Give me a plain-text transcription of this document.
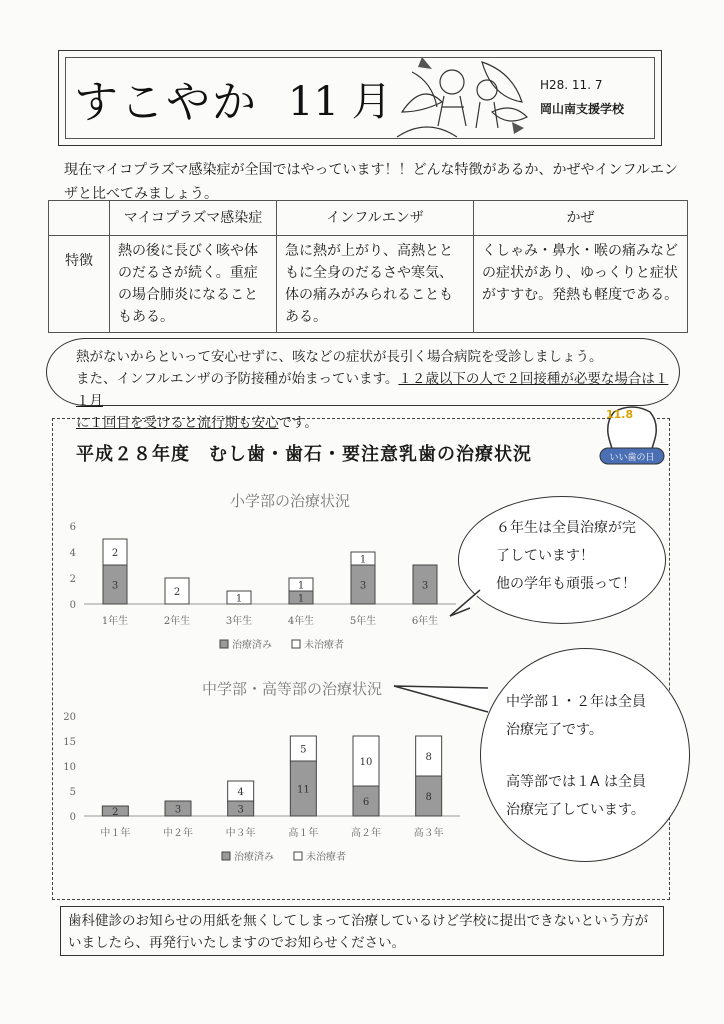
すこやか 11 月	H28. 11. 7
岡山南支援学校
現在マイコプラズマ感染症が全国ではやっています！！どんな特徴があるか、かぜやインフルエンザと比べてみましょう。
	マイコプラズマ感染症	インフルエンザ	かぜ
特徴	熱の後に長びく咳や体のだるさが続く。重症の場合肺炎になることもある。	急に熱が上がり、高熱とともに全身のだるさや寒気、体の痛みがみられることもある。	くしゃみ・鼻水・喉の痛みなどの症状があり、ゆっくりと症状がすすむ。発熱も軽度である。
熱がないからといって安心せずに、咳などの症状が長引く場合病院を受診しましょう。
また、インフルエンザの予防接種が始まっています。１２歳以下の人で２回接種が必要な場合は１１月
に１回目を受けると流行期も安心です。
平成２８年度　むし歯・歯石・要注意乳歯の治療状況	いい歯の日
11.8
小学部の治療状況
0
2
4
6
3
2
1年生
2
2年生
1
3年生
1
1
4年生
3
1
5年生
3
6年生
治療済み	未治療者
中学部・高等部の治療状況
0
5
10
15
20
2
中１年
3
中２年
3
4
中３年
11
5
高１年
6
10
高２年
8
8
高３年
治療済み	未治療者
６年生は全員治療が完
了しています！
他の学年も頑張って！
中学部１・２年は全員
治療完了です。
高等部では１A は全員
治療完了しています。
歯科健診のお知らせの用紙を無くしてしまって治療しているけど学校に提出できないという方がいましたら、再発行いたしますのでお知らせください。
